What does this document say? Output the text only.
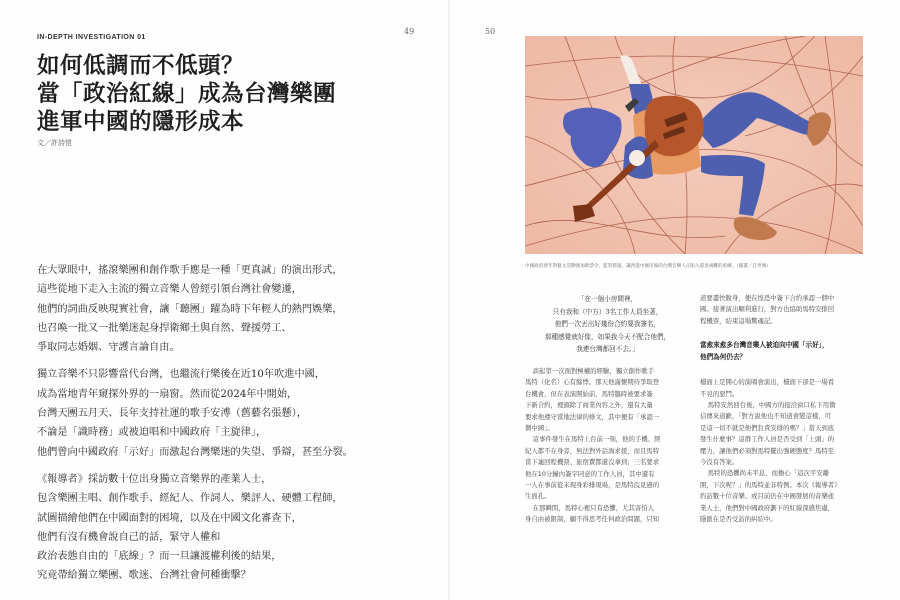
IN-DEPTH INVESTIGATION 01
49
如何低調而不低頭？
當「政治紅線」成為台灣樂團
進軍中國的隱形成本
文／許詩愷

在大眾眼中，搖滾樂團和創作歌手應是一種「更真誠」的演出形式，
這些從地下走入主流的獨立音樂人曾經引領台灣社會變遷，
他們的詞曲反映現實社會，讓「聽團」躍為時下年輕人的熱門娛樂，
也召喚一批又一批樂迷起身捍衛鄉土與自然、聲援勞工、
爭取同志婚姻、守護言論自由。

獨立音樂不只影響當代台灣，也繼流行樂後在近10年吹進中國，
成為當地青年窺探外界的一扇窗。然而從2024年中開始，
台灣天團五月天、長年支持社運的歌手安溥（舊藝名張懸），
不論是「識時務」或被迫唱和中國政府「主旋律」，
他們曾向中國政府「示好」而激起台灣樂迷的失望、爭辯，甚至分裂。

《報導者》採訪數十位出身獨立音樂界的產業人士，
包含樂團主唱、創作歌手、經紀人、作詞人、樂評人、硬體工程師，
試圖描繪他們在中國面對的困境，以及在中國文化審查下，
他們有沒有機會說自己的話，緊守人權和
政治表態自由的「底線」？而一旦讓渡權利後的結果，
究竟帶給獨立樂團、歌迷、台灣社會何種衝擊？

50
中國政府逐年對藝文活動強加新禁令、監管措施，讓西進中國市場的台灣音樂人正陷入還退兩難的束縛。（插畫／江世瑀）
「在一個小房間裡，
只有我和（中方）3名工作人員坐著，
他們一次丟出好幾份合約要我簽名，
那種感覺就好像，如果我今天不配合他們，
我連台灣都回不去。」
談起第一次面對極權的經驗，獨立創作歌手
馬特（化名）心有餘悸。那天他滿懷期待爭取登
台機會，但在表演開始前，馬特臨時被要求簽
下新合約，裡頭除了商業內容之外，還有大量
要求他遵守當地法律的條文，其中便有「承認一
個中國」。
這事件發生在馬特上台前一刻，他的手機、經
紀人都不在身旁，無法對外話詢求援，而且馬特
當下連回程機票、旅宿費都還沒拿到；三名要求
他在10分鐘內簽字同意的工作人員，其中還有
一人在事前從未現身彩排現場，是馬特沒見過的
生面孔。
在那瞬間，馬特心裡只有恐懼，尤其害怕人
身自由被限制，顧不得思考任何政治問題，只知
道要盡快脫身，便在惶恐中簽下合約承認一個中
國。接著演出順利進行，對方也協助馬特安排回
程機票，結束這場驚魂記。
當愈來愈多台灣音樂人被迫向中國「示好」，
他們為何仍去？
檯面上是開心的演唱會演出，檯面下卻是一場看
不見的惡鬥。
馬特安然回台後，中國方的接洽窗口私下用微
信傳來道歉，「對方說他也不知道會變這樣，可
是這一切不就是他們負責安排的嗎？」當天到底
發生什麼事？這群工作人員是否受到「上頭」的
壓力，讓他們必須對馬特擺出強硬態度？馬特至
今沒有答案。
馬特的恐懼尚未平息，而擔心「這次平安離
開，下次呢？」的馬特並非特例。本次《報導者》
約訪數十位音樂、或目前仍在中國發展的音樂產
業人士，他們對中國政府劃下的紅線深感焦慮，
隱匿在是否受訪的糾結中。
